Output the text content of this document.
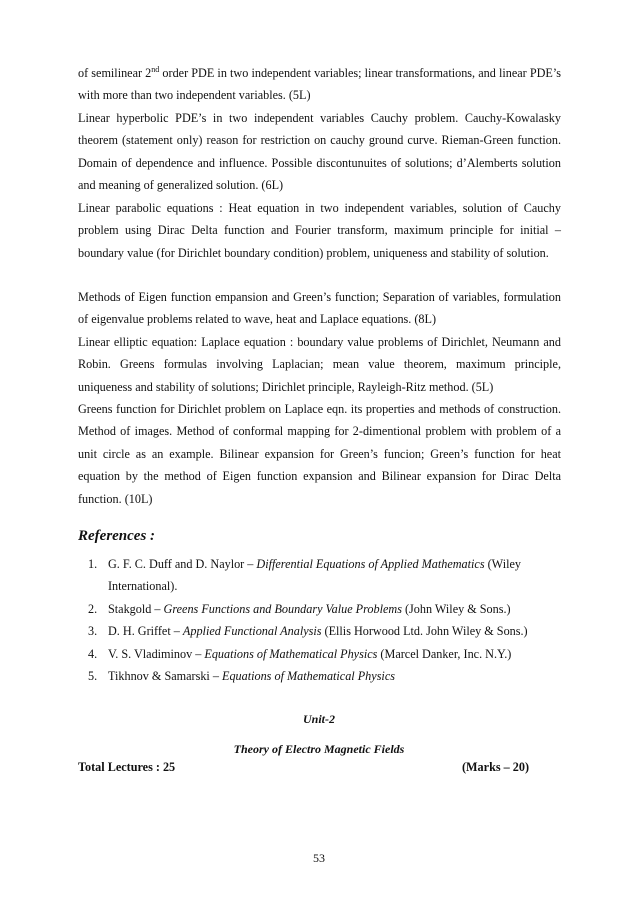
of semilinear 2nd order PDE in two independent variables; linear transformations, and linear PDE’s with more than two independent variables. (5L)
Linear hyperbolic PDE’s in two independent variables Cauchy problem. Cauchy-Kowalasky theorem (statement only) reason for restriction on cauchy ground curve. Rieman-Green function. Domain of dependence and influence. Possible discontunuites of solutions; d’Alemberts solution and meaning of generalized solution. (6L)
Linear parabolic equations : Heat equation in two independent variables, solution of Cauchy problem using Dirac Delta function and Fourier transform, maximum principle for initial – boundary value (for Dirichlet boundary condition) problem, uniqueness and stability of solution.
Methods of Eigen function empansion and Green’s function; Separation of variables, formulation of eigenvalue problems related to wave, heat and Laplace equations. (8L)
Linear elliptic equation: Laplace equation : boundary value problems of Dirichlet, Neumann and Robin. Greens formulas involving Laplacian; mean value theorem, maximum principle, uniqueness and stability of solutions; Dirichlet principle, Rayleigh-Ritz method. (5L)
Greens function for Dirichlet problem on Laplace eqn. its properties and methods of construction. Method of images. Method of conformal mapping for 2-dimentional problem with problem of a unit circle as an example. Bilinear expansion for Green’s funcion; Green’s function for heat equation by the method of Eigen function expansion and Bilinear expansion for Dirac Delta function. (10L)
References :
1. G. F. C. Duff and D. Naylor – Differential Equations of Applied Mathematics (Wiley International).
2. Stakgold – Greens Functions and Boundary Value Problems (John Wiley & Sons.)
3. D. H. Griffet – Applied Functional Analysis (Ellis Horwood Ltd. John Wiley & Sons.)
4. V. S. Vladiminov – Equations of Mathematical Physics (Marcel Danker, Inc. N.Y.)
5. Tikhnov & Samarski – Equations of Mathematical Physics
Unit-2
Theory of Electro Magnetic Fields
Total Lectures : 25	(Marks – 20)
53
